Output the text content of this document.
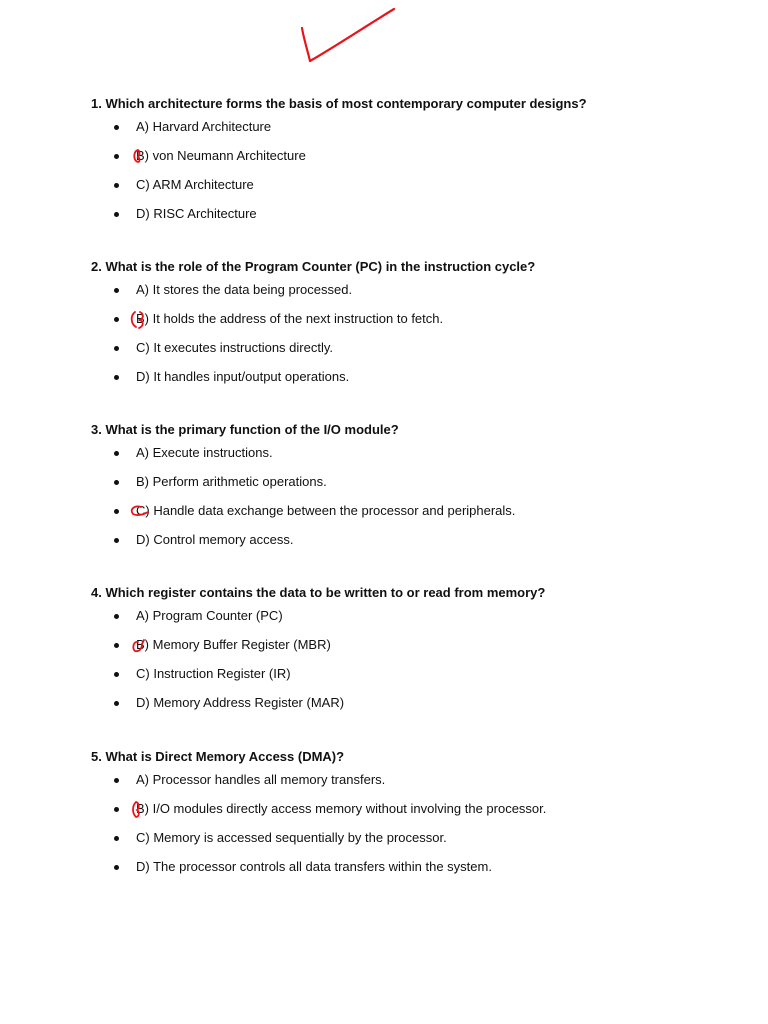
1. Which architecture forms the basis of most contemporary computer designs?

A) Harvard Architecture
B) von Neumann Architecture
C) ARM Architecture
D) RISC Architecture

2. What is the role of the Program Counter (PC) in the instruction cycle?

A) It stores the data being processed.
B) It holds the address of the next instruction to fetch.
C) It executes instructions directly.
D) It handles input/output operations.

3. What is the primary function of the I/O module?

A) Execute instructions.
B) Perform arithmetic operations.
C) Handle data exchange between the processor and peripherals.
D) Control memory access.

4. Which register contains the data to be written to or read from memory?

A) Program Counter (PC)
B) Memory Buffer Register (MBR)
C) Instruction Register (IR)
D) Memory Address Register (MAR)

5. What is Direct Memory Access (DMA)?

A) Processor handles all memory transfers.
B) I/O modules directly access memory without involving the processor.
C) Memory is accessed sequentially by the processor.
D) The processor controls all data transfers within the system.
